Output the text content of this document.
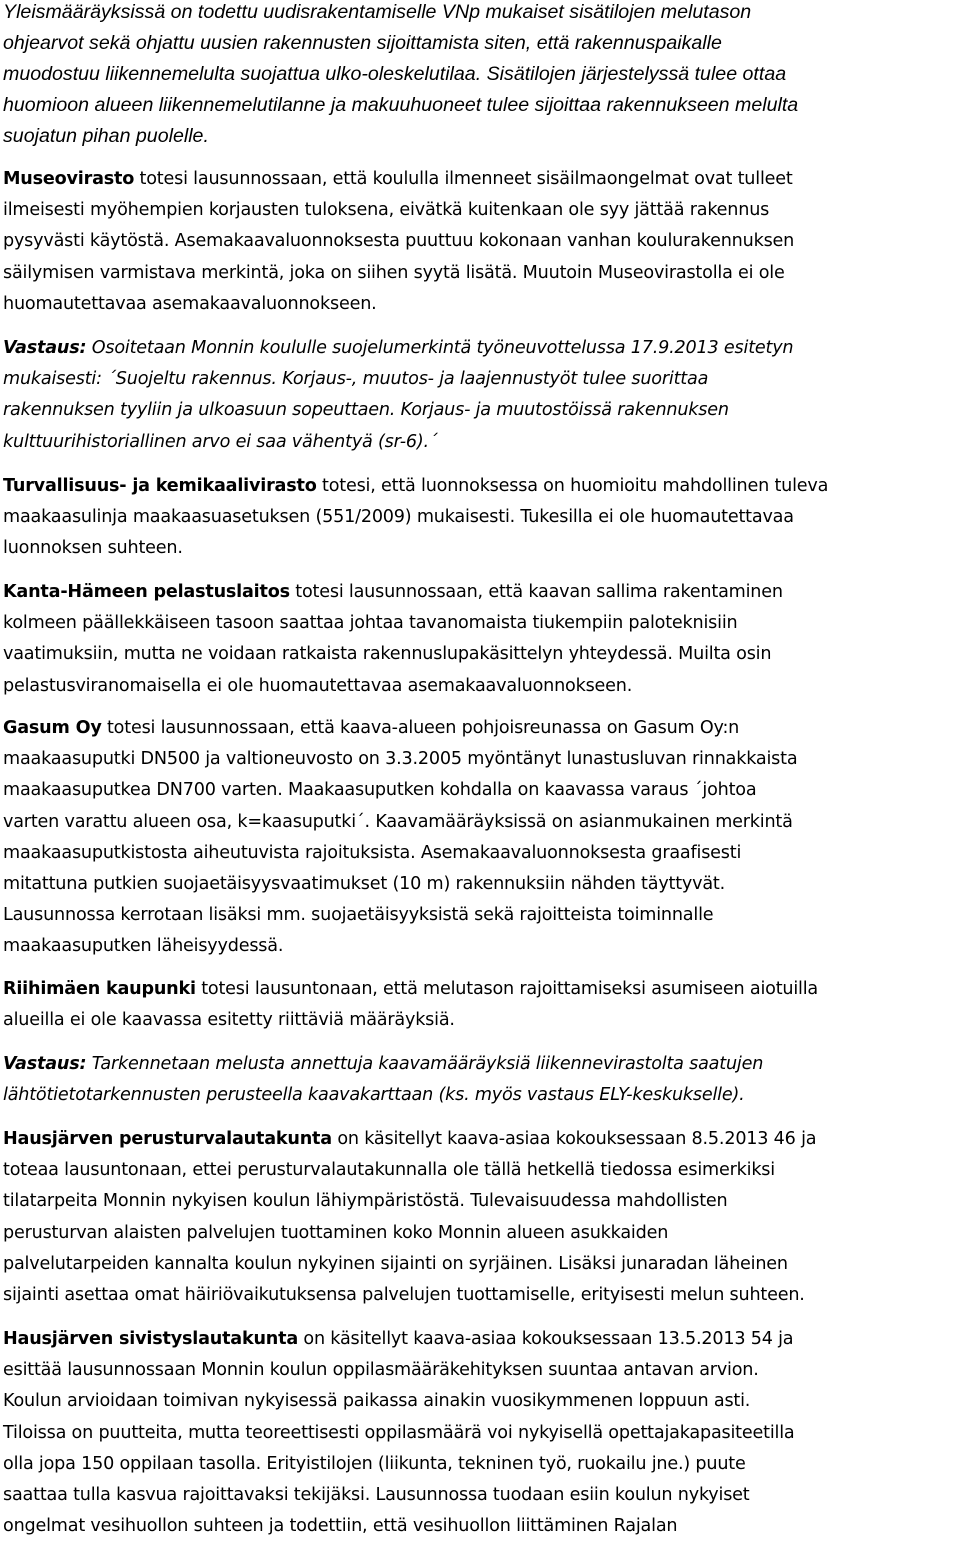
Yleismääräyksissä on todettu uudisrakentamiselle VNp mukaiset sisätilojen melutason
ohjearvot sekä ohjattu uusien rakennusten sijoittamista siten, että rakennuspaikalle
muodostuu liikennemelulta suojattua ulko-oleskelutilaa. Sisätilojen järjestelyssä tulee ottaa
huomioon alueen liikennemelutilanne ja makuuhuoneet tulee sijoittaa rakennukseen melulta
suojatun pihan puolelle.
Museovirasto totesi lausunnossaan, että koululla ilmenneet sisäilmaongelmat ovat tulleet
ilmeisesti myöhempien korjausten tuloksena, eivätkä kuitenkaan ole syy jättää rakennus
pysyvästi käytöstä. Asemakaavaluonnoksesta puuttuu kokonaan vanhan koulurakennuksen
säilymisen varmistava merkintä, joka on siihen syytä lisätä. Muutoin Museovirastolla ei ole
huomautettavaa asemakaavaluonnokseen.
Vastaus: Osoitetaan Monnin koululle suojelumerkintä työneuvottelussa 17.9.2013 esitetyn
mukaisesti: ´Suojeltu rakennus. Korjaus-, muutos- ja laajennustyöt tulee suorittaa
rakennuksen tyyliin ja ulkoasuun sopeuttaen. Korjaus- ja muutostöissä rakennuksen
kulttuurihistoriallinen arvo ei saa vähentyä (sr-6).´
Turvallisuus- ja kemikaalivirasto totesi, että luonnoksessa on huomioitu mahdollinen tuleva
maakaasulinja maakaasuasetuksen (551/2009) mukaisesti. Tukesilla ei ole huomautettavaa
luonnoksen suhteen.
Kanta-Hämeen pelastuslaitos totesi lausunnossaan, että kaavan sallima rakentaminen
kolmeen päällekkäiseen tasoon saattaa johtaa tavanomaista tiukempiin paloteknisiin
vaatimuksiin, mutta ne voidaan ratkaista rakennuslupakäsittelyn yhteydessä. Muilta osin
pelastusviranomaisella ei ole huomautettavaa asemakaavaluonnokseen.
Gasum Oy totesi lausunnossaan, että kaava-alueen pohjoisreunassa on Gasum Oy:n
maakaasuputki DN500 ja valtioneuvosto on 3.3.2005 myöntänyt lunastusluvan rinnakkaista
maakaasuputkea DN700 varten. Maakaasuputken kohdalla on kaavassa varaus ´johtoa
varten varattu alueen osa, k=kaasuputki´. Kaavamääräyksissä on asianmukainen merkintä
maakaasuputkistosta aiheutuvista rajoituksista. Asemakaavaluonnoksesta graafisesti
mitattuna putkien suojaetäisyysvaatimukset (10 m) rakennuksiin nähden täyttyvät.
Lausunnossa kerrotaan lisäksi mm. suojaetäisyyksistä sekä rajoitteista toiminnalle
maakaasuputken läheisyydessä.
Riihimäen kaupunki totesi lausuntonaan, että melutason rajoittamiseksi asumiseen aiotuilla
alueilla ei ole kaavassa esitetty riittäviä määräyksiä.
Vastaus: Tarkennetaan melusta annettuja kaavamääräyksiä liikennevirastolta saatujen
lähtötietotarkennusten perusteella kaavakarttaan (ks. myös vastaus ELY-keskukselle).
Hausjärven perusturvalautakunta on käsitellyt kaava-asiaa kokouksessaan 8.5.2013 46 ja
toteaa lausuntonaan, ettei perusturvalautakunnalla ole tällä hetkellä tiedossa esimerkiksi
tilatarpeita Monnin nykyisen koulun lähiympäristöstä. Tulevaisuudessa mahdollisten
perusturvan alaisten palvelujen tuottaminen koko Monnin alueen asukkaiden
palvelutarpeiden kannalta koulun nykyinen sijainti on syrjäinen. Lisäksi junaradan läheinen
sijainti asettaa omat häiriövaikutuksensa palvelujen tuottamiselle, erityisesti melun suhteen.
Hausjärven sivistyslautakunta on käsitellyt kaava-asiaa kokouksessaan 13.5.2013 54 ja
esittää lausunnossaan Monnin koulun oppilasmääräkehityksen suuntaa antavan arvion.
Koulun arvioidaan toimivan nykyisessä paikassa ainakin vuosikymmenen loppuun asti.
Tiloissa on puutteita, mutta teoreettisesti oppilasmäärä voi nykyisellä opettajakapasiteetilla
olla jopa 150 oppilaan tasolla. Erityistilojen (liikunta, tekninen työ, ruokailu jne.) puute
saattaa tulla kasvua rajoittavaksi tekijäksi. Lausunnossa tuodaan esiin koulun nykyiset
ongelmat vesihuollon suhteen ja todettiin, että vesihuollon liittäminen Rajalan
